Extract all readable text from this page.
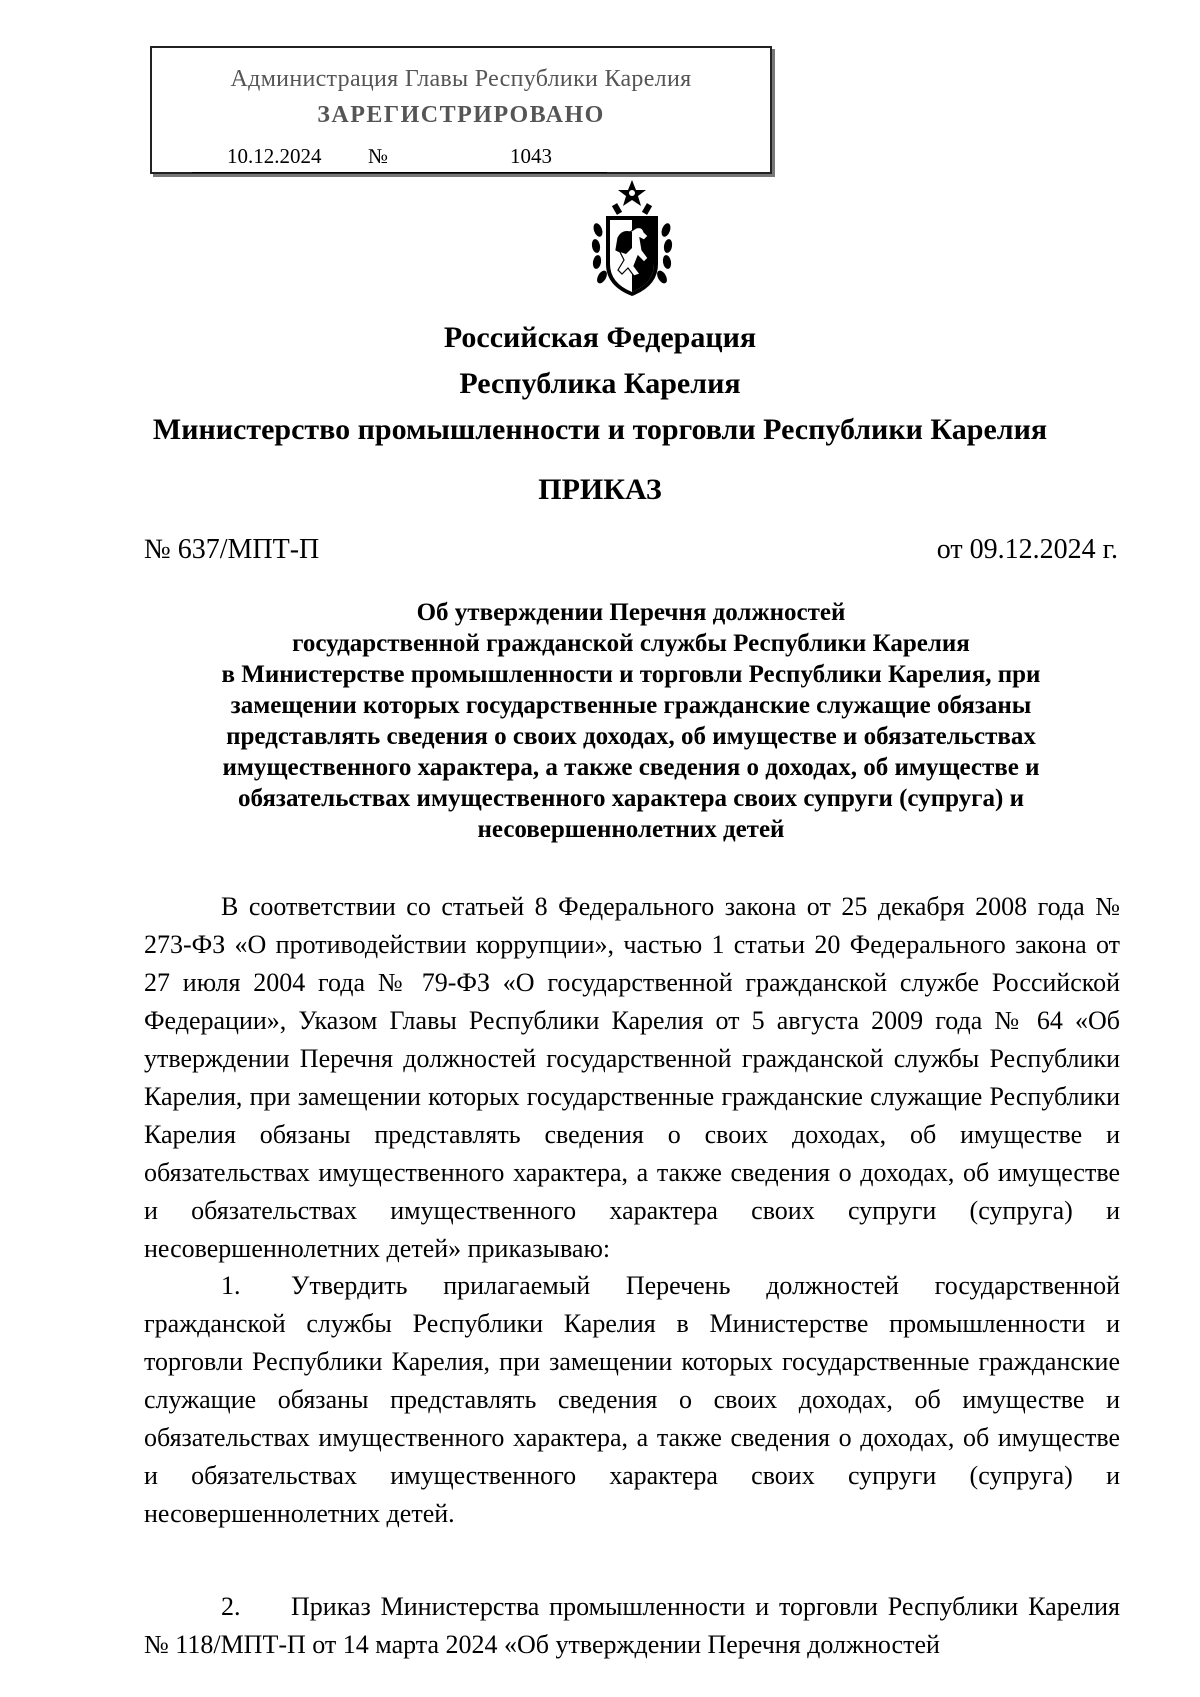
Администрация Главы Республики Карелия
ЗАРЕГИСТРИРОВАНО
10.12.2024 №	1043
Российская Федерация
Республика Карелия
Министерство промышленности и торговли Республики Карелия
ПРИКАЗ
№ 637/МПТ-П	от 09.12.2024 г.
Об утверждении Перечня должностей
государственной гражданской службы Республики Карелия
в Министерстве промышленности и торговли Республики Карелия, при
замещении которых государственные гражданские служащие обязаны
представлять сведения о своих доходах, об имуществе и обязательствах
имущественного характера, а также сведения о доходах, об имуществе и
обязательствах имущественного характера своих супруги (супруга) и
несовершеннолетних детей

В соответствии со статьей 8 Федерального закона от 25 декабря 2008 года № 273-ФЗ «О противодействии коррупции», частью 1 статьи 20 Федерального закона от 27 июля 2004 года № 79-ФЗ «О государственной гражданской службе Российской Федерации», Указом Главы Республики Карелия от 5 августа 2009 года № 64 «Об утверждении Перечня должностей государственной гражданской службы Республики Карелия, при замещении которых государственные гражданские служащие Республики Карелия обязаны представлять сведения о своих доходах, об имуществе и обязательствах имущественного характера, а также сведения о доходах, об имуществе и обязательствах имущественного характера своих супруги (супруга) и несовершеннолетних детей» приказываю:

1. Утвердить прилагаемый Перечень должностей государственной гражданской службы Республики Карелия в Министерстве промышленности и торговли Республики Карелия, при замещении которых государственные гражданские служащие обязаны представлять сведения о своих доходах, об имуществе и обязательствах имущественного характера, а также сведения о доходах, об имуществе и обязательствах имущественного характера своих супруги (супруга) и несовершеннолетних детей.

2. Приказ Министерства промышленности и торговли Республики Карелия № 118/МПТ-П от 14 марта 2024 «Об утверждении Перечня должностей
